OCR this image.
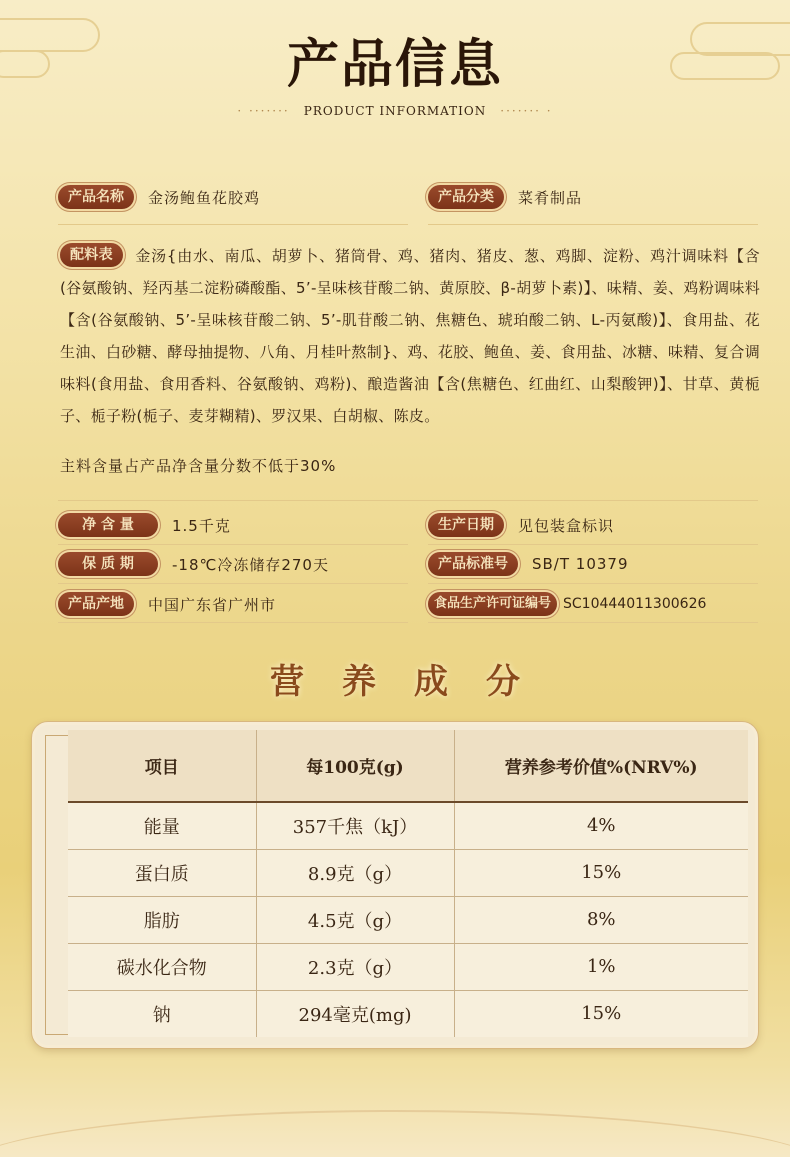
产品信息
· ······· PRODUCT INFORMATION ······· ·
产品名称	金汤鲍鱼花胶鸡	产品分类	菜肴制品
配料表 金汤{由水、南瓜、胡萝卜、猪筒骨、鸡、猪肉、猪皮、葱、鸡脚、淀粉、鸡汁调味料【含(谷氨酸钠、羟丙基二淀粉磷酸酯、5’-呈味核苷酸二钠、黄原胶、β-胡萝卜素)】、味精、姜、鸡粉调味料【含(谷氨酸钠、5’-呈味核苷酸二钠、5’-肌苷酸二钠、焦糖色、琥珀酸二钠、L-丙氨酸)】、食用盐、花生油、白砂糖、酵母抽提物、八角、月桂叶熬制}、鸡、花胶、鲍鱼、姜、食用盐、冰糖、味精、复合调味料(食用盐、食用香料、谷氨酸钠、鸡粉)、酿造酱油【含(焦糖色、红曲红、山梨酸钾)】、甘草、黄栀子、栀子粉(栀子、麦芽糊精)、罗汉果、白胡椒、陈皮。
主料含量占产品净含量分数不低于30%
净 含 量	1.5千克	生产日期	见包装盒标识
保 质 期	-18℃冷冻储存270天	产品标准号	SB/T 10379
产品产地	中国广东省广州市	食品生产许可证编号 SC10444011300626
营 养 成 分
项目	每100克(g)	营养参考价值%(NRV%)
能量	357千焦（kJ）	4%
蛋白质	8.9克（g）	15%
脂肪	4.5克（g）	8%
碳水化合物	2.3克（g）	1%
钠	294毫克(mg)	15%
